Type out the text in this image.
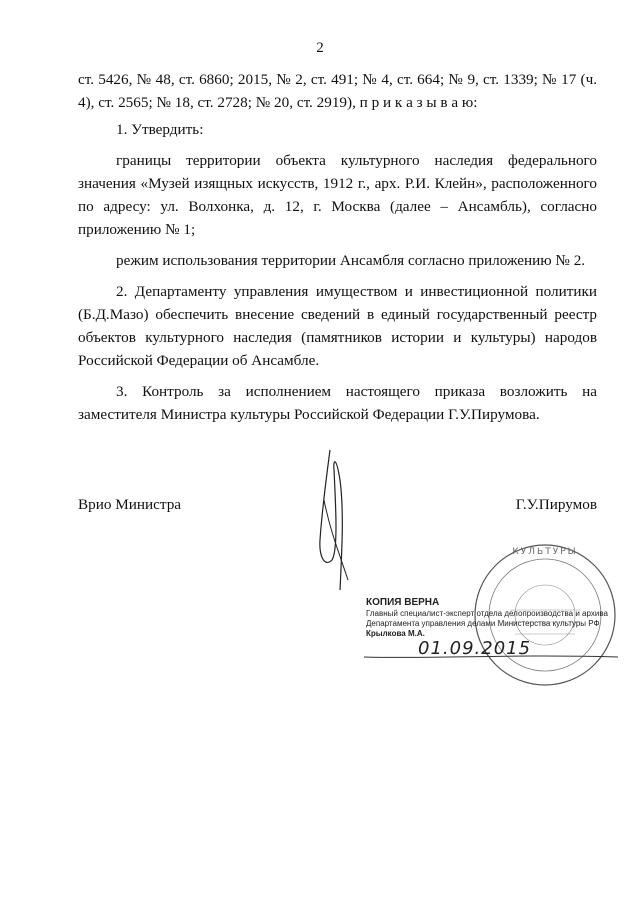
2

ст. 5426, № 48, ст. 6860; 2015, № 2, ст. 491; № 4, ст. 664; № 9, ст. 1339; № 17 (ч. 4), ст. 2565; № 18, ст. 2728; № 20, ст. 2919), п р и к а з ы в а ю:

1. Утвердить:

границы территории объекта культурного наследия федерального значения «Музей изящных искусств, 1912 г., арх. Р.И. Клейн», расположенного по адресу: ул. Волхонка, д. 12, г. Москва (далее – Ансамбль), согласно приложению № 1;

режим использования территории Ансамбля согласно приложению № 2.

2. Департаменту управления имуществом и инвестиционной политики (Б.Д.Мазо) обеспечить внесение сведений в единый государственный реестр объектов культурного наследия (памятников истории и культуры) народов Российской Федерации об Ансамбле.

3. Контроль за исполнением настоящего приказа возложить на заместителя Министра культуры Российской Федерации Г.У.Пирумова.

Врио Министра	Г.У.Пирумов
КУЛЬТУРЫ
КОПИЯ ВЕРНА
Главный специалист-эксперт отдела делопроизводства и архива
Департамента управления делами Министерства культуры РФ
Крылкова М.А.
01.09.2015
